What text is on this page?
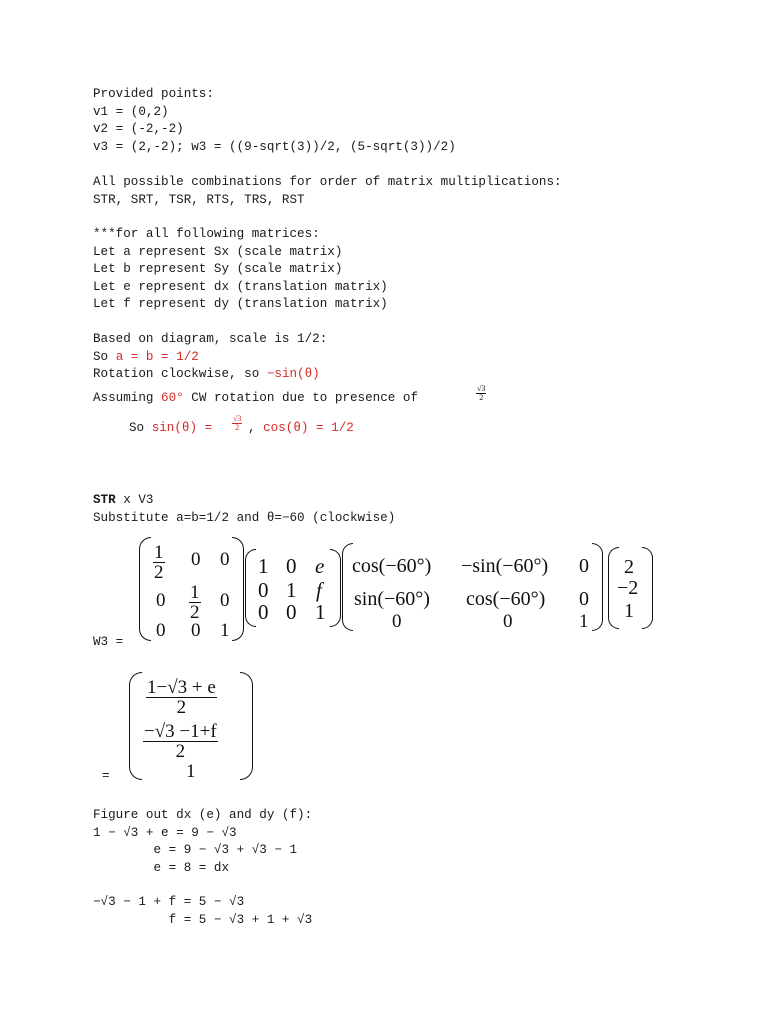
Provided points:
v1 = (0,2)
v2 = (-2,-2)
v3 = (2,-2); w3 = ((9-sqrt(3))/2, (5-sqrt(3))/2)
All possible combinations for order of matrix multiplications:
STR, SRT, TSR, RTS, TRS, RST
***for all following matrices:
Let a represent Sx (scale matrix)
Let b represent Sy (scale matrix)
Let e represent dx (translation matrix)
Let f represent dy (translation matrix)
Based on diagram, scale is 1/2:
So a = b = 1/2
Rotation clockwise, so −sin(θ)
Assuming 60° CW rotation due to presence of	$\frac{√3}{2}$
So $\sin(\theta) = \frac{√3}{2}$ , cos(θ) = 1/2
STR x V3
Substitute a=b=1/2 and θ=−60 (clockwise)
$\frac{1}{2} 0$ 0
$0 \frac{1}{2} 0$
0 0 1
1 0 e
0 1 f
0 0 1
cos(−60°) −sin(−60°) 0
sin(−60°) cos(−60°) 0
0	0	1
2
−2
1
W3 =
$\frac{1-√3 + e}{2}$
$\frac{-√3 -1+f}{2}$
1
=
Figure out dx (e) and dy (f):
1 − √3 + e = 9 − √3
e = 9 − √3 + √3 − 1
e = 8 = dx
−√3 − 1 + f = 5 − √3
f = 5 − √3 + 1 + √3
